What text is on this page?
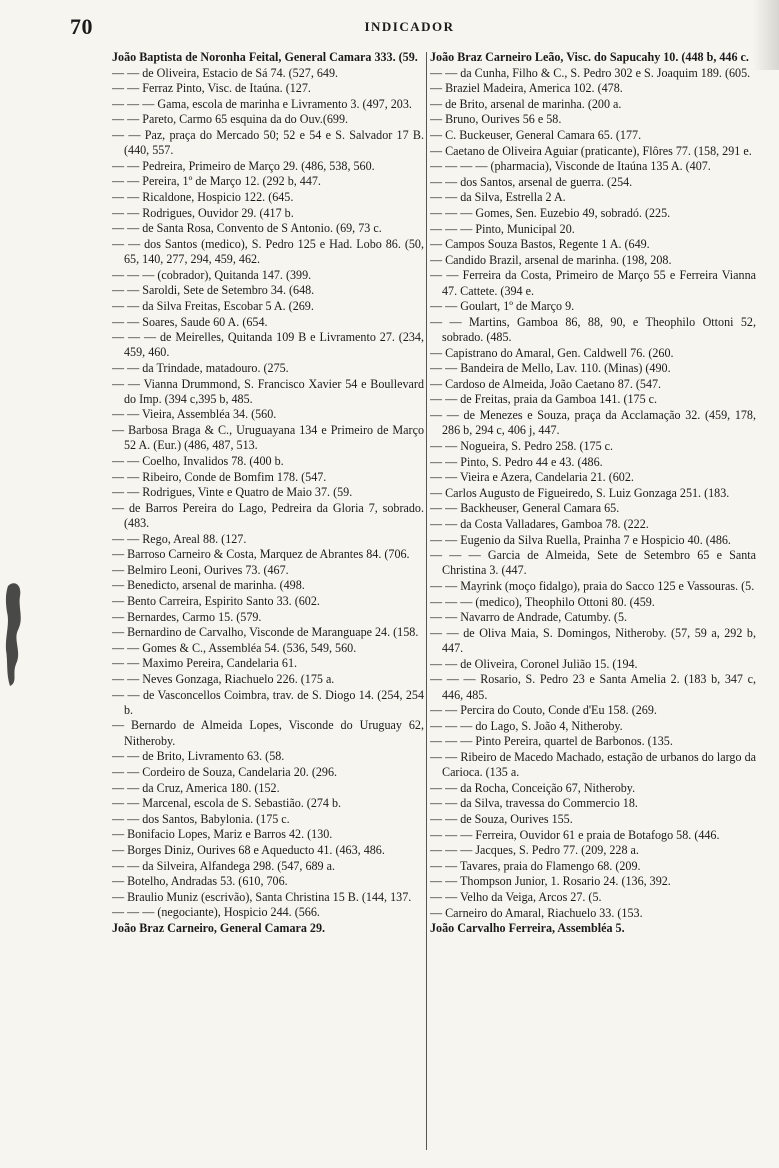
70	INDICADOR

João Baptista de Noronha Feital, General Camara 333. (59.

— — de Oliveira, Estacio de Sá 74. (527, 649.

— — Ferraz Pinto, Visc. de Itaúna. (127.

— — — Gama, escola de marinha e Livramento 3. (497, 203.

— — Pareto, Carmo 65 esquina da do Ouv.(699.

— — Paz, praça do Mercado 50; 52 e 54 e S. Salvador 17 B. (440, 557.

— — Pedreira, Primeiro de Março 29. (486, 538, 560.

— — Pereira, 1º de Março 12. (292 b, 447.

— — Ricaldone, Hospicio 122. (645.

— — Rodrigues, Ouvidor 29. (417 b.

— — de Santa Rosa, Convento de S Antonio. (69, 73 c.

— — dos Santos (medico), S. Pedro 125 e Had. Lobo 86. (50, 65, 140, 277, 294, 459, 462.

— — — (cobrador), Quitanda 147. (399.

— — Saroldi, Sete de Setembro 34. (648.

— — da Silva Freitas, Escobar 5 A. (269.

— — Soares, Saude 60 A. (654.

— — — de Meirelles, Quitanda 109 B e Livramento 27. (234, 459, 460.

— — da Trindade, matadouro. (275.

— — Vianna Drummond, S. Francisco Xavier 54 e Boullevard do Imp. (394 c,395 b, 485.

— — Vieira, Assembléa 34. (560.

— Barbosa Braga & C., Uruguayana 134 e Primeiro de Março 52 A. (Eur.) (486, 487, 513.

— — Coelho, Invalidos 78. (400 b.

— — Ribeiro, Conde de Bomfim 178. (547.

— — Rodrigues, Vinte e Quatro de Maio 37. (59.

— de Barros Pereira do Lago, Pedreira da Gloria 7, sobrado. (483.

— — Rego, Areal 88. (127.

— Barroso Carneiro & Costa, Marquez de Abrantes 84. (706.

— Belmiro Leoni, Ourives 73. (467.

— Benedicto, arsenal de marinha. (498.

— Bento Carreira, Espirito Santo 33. (602.

— Bernardes, Carmo 15. (579.

— Bernardino de Carvalho, Visconde de Maranguape 24. (158.

— — Gomes & C., Assembléa 54. (536, 549, 560.

— — Maximo Pereira, Candelaria 61.

— — Neves Gonzaga, Riachuelo 226. (175 a.

— — de Vasconcellos Coimbra, trav. de S. Diogo 14. (254, 254 b.

— Bernardo de Almeida Lopes, Visconde do Uruguay 62, Nitheroby.

— — de Brito, Livramento 63. (58.

— — Cordeiro de Souza, Candelaria 20. (296.

— — da Cruz, America 180. (152.

— — Marcenal, escola de S. Sebastião. (274 b.

— — dos Santos, Babylonia. (175 c.

— Bonifacio Lopes, Mariz e Barros 42. (130.

— Borges Diniz, Ourives 68 e Aqueducto 41. (463, 486.

— — da Silveira, Alfandega 298. (547, 689 a.

— Botelho, Andradas 53. (610, 706.

— Braulio Muniz (escrivão), Santa Christina 15 B. (144, 137.

— — — (negociante), Hospicio 244. (566.

João Braz Carneiro, General Camara 29.

João Braz Carneiro Leão, Visc. do Sapucahy 10. (448 b, 446 c.

— — da Cunha, Filho & C., S. Pedro 302 e S. Joaquim 189. (605.

— Braziel Madeira, America 102. (478.

— de Brito, arsenal de marinha. (200 a.

— Bruno, Ourives 56 e 58.

— C. Buckeuser, General Camara 65. (177.

— Caetano de Oliveira Aguiar (praticante), Flôres 77. (158, 291 e.

— — — — (pharmacia), Visconde de Itaúna 135 A. (407.

— — dos Santos, arsenal de guerra. (254.

— — da Silva, Estrella 2 A.

— — — Gomes, Sen. Euzebio 49, sobradó. (225.

— — — Pinto, Municipal 20.

— Campos Souza Bastos, Regente 1 A. (649.

— Candido Brazil, arsenal de marinha. (198, 208.

— — Ferreira da Costa, Primeiro de Março 55 e Ferreira Vianna 47. Cattete. (394 e.

— — Goulart, 1º de Março 9.

— — Martins, Gamboa 86, 88, 90, e Theophilo Ottoni 52, sobrado. (485.

— Capistrano do Amaral, Gen. Caldwell 76. (260.

— — Bandeira de Mello, Lav. 110. (Minas) (490.

— Cardoso de Almeida, João Caetano 87. (547.

— — de Freitas, praia da Gamboa 141. (175 c.

— — de Menezes e Souza, praça da Acclamação 32. (459, 178, 286 b, 294 c, 406 j, 447.

— — Nogueira, S. Pedro 258. (175 c.

— — Pinto, S. Pedro 44 e 43. (486.

— — Vieira e Azera, Candelaria 21. (602.

— Carlos Augusto de Figueiredo, S. Luiz Gonzaga 251. (183.

— — Backheuser, General Camara 65.

— — da Costa Valladares, Gamboa 78. (222.

— — Eugenio da Silva Ruella, Prainha 7 e Hospicio 40. (486.

— — — Garcia de Almeida, Sete de Setembro 65 e Santa Christina 3. (447.

— — Mayrink (moço fidalgo), praia do Sacco 125 e Vassouras. (5.

— — — (medico), Theophilo Ottoni 80. (459.

— — Navarro de Andrade, Catumby. (5.

— — de Oliva Maia, S. Domingos, Nitheroby. (57, 59 a, 292 b, 447.

— — de Oliveira, Coronel Julião 15. (194.

— — — Rosario, S. Pedro 23 e Santa Amelia 2. (183 b, 347 c, 446, 485.

— — Percira do Couto, Conde d'Eu 158. (269.

— — — do Lago, S. João 4, Nitheroby.

— — — Pinto Pereira, quartel de Barbonos. (135.

— — Ribeiro de Macedo Machado, estação de urbanos do largo da Carioca. (135 a.

— — da Rocha, Conceição 67, Nitheroby.

— — da Silva, travessa do Commercio 18.

— — de Souza, Ourives 155.

— — — Ferreira, Ouvidor 61 e praia de Botafogo 58. (446.

— — — Jacques, S. Pedro 77. (209, 228 a.

— — Tavares, praia do Flamengo 68. (209.

— — Thompson Junior, 1. Rosario 24. (136, 392.

— — Velho da Veiga, Arcos 27. (5.

— Carneiro do Amaral, Riachuelo 33. (153.

João Carvalho Ferreira, Assembléa 5.
